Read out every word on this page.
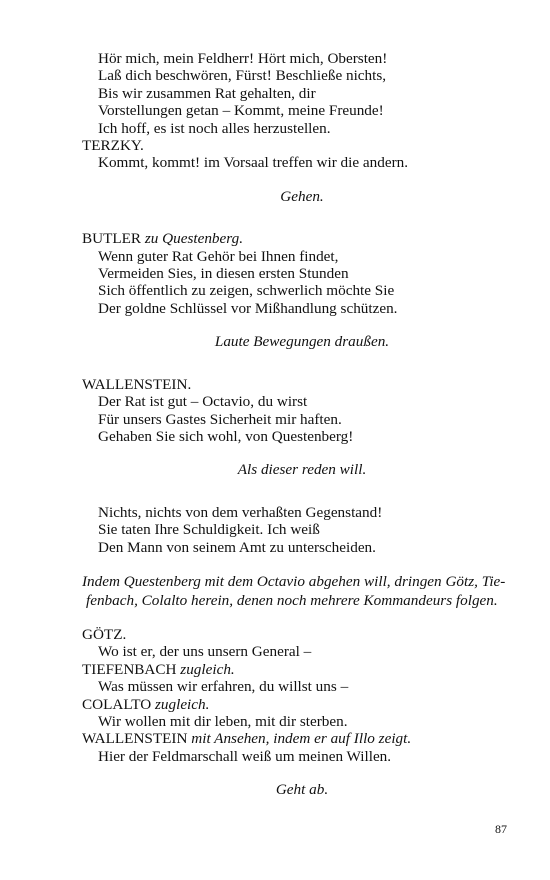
Hör mich, mein Feldherr! Hört mich, Obersten!
Laß dich beschwören, Fürst! Beschließe nichts,
Bis wir zusammen Rat gehalten, dir
Vorstellungen getan – Kommt, meine Freunde!
Ich hoff, es ist noch alles herzustellen.
TERZKY.
Kommt, kommt! im Vorsaal treffen wir die andern.
Gehen.
BUTLER zu Questenberg.
Wenn guter Rat Gehör bei Ihnen findet,
Vermeiden Sies, in diesen ersten Stunden
Sich öffentlich zu zeigen, schwerlich möchte Sie
Der goldne Schlüssel vor Mißhandlung schützen.
Laute Bewegungen draußen.
WALLENSTEIN.
Der Rat ist gut – Octavio, du wirst
Für unsers Gastes Sicherheit mir haften.
Gehaben Sie sich wohl, von Questenberg!
Als dieser reden will.
Nichts, nichts von dem verhaßten Gegenstand!
Sie taten Ihre Schuldigkeit. Ich weiß
Den Mann von seinem Amt zu unterscheiden.
Indem Questenberg mit dem Octavio abgehen will, dringen Götz, Tie-
fenbach, Colalto herein, denen noch mehrere Kommandeurs folgen.
GÖTZ.
Wo ist er, der uns unsern General –
TIEFENBACH zugleich.
Was müssen wir erfahren, du willst uns –
COLALTO zugleich.
Wir wollen mit dir leben, mit dir sterben.
WALLENSTEIN mit Ansehen, indem er auf Illo zeigt.
Hier der Feldmarschall weiß um meinen Willen.
Geht ab.
87
